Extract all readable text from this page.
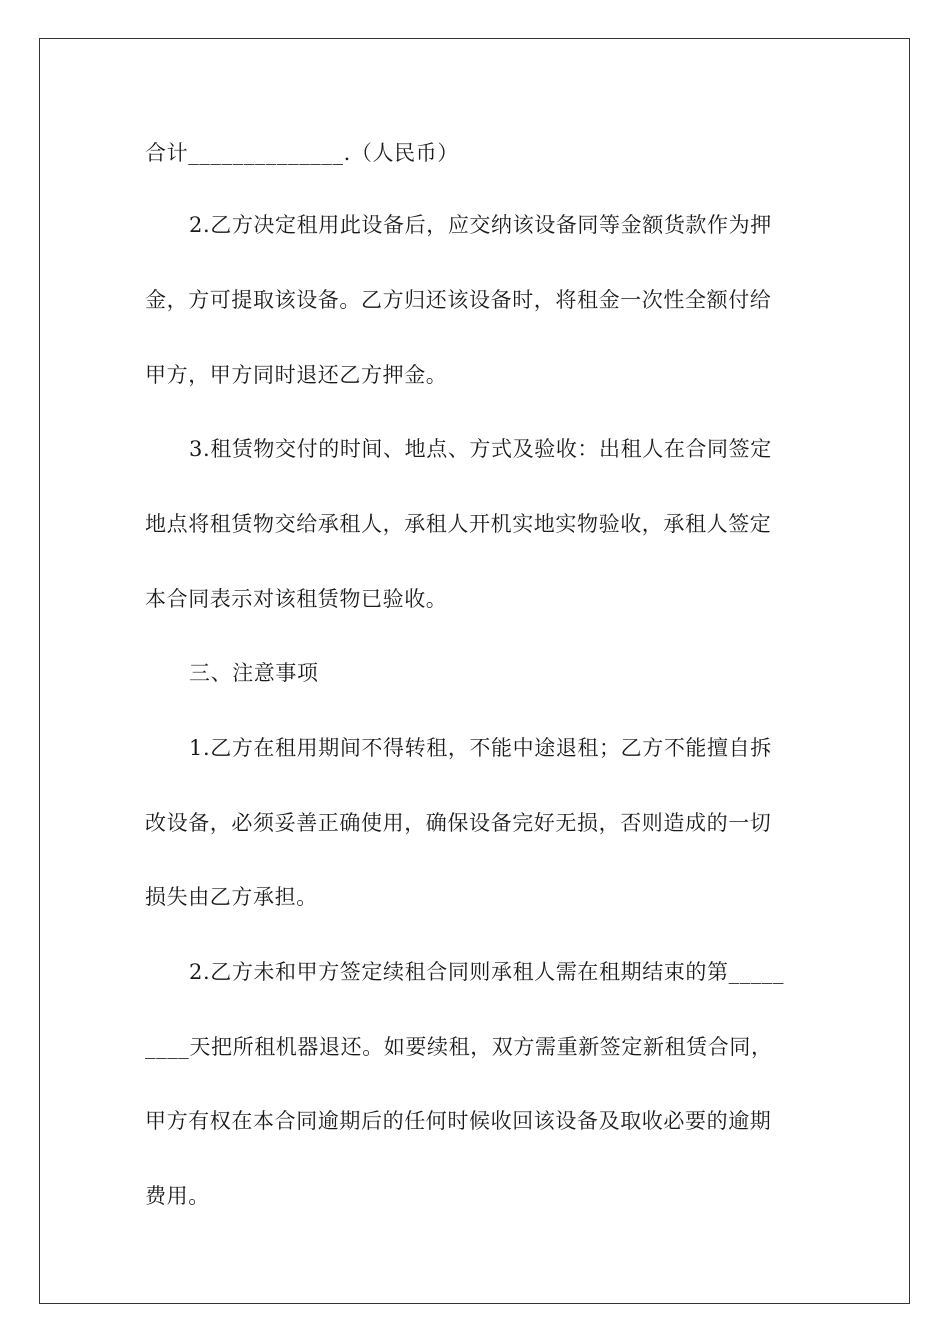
合计______________.（人民币）
2.乙方决定租用此设备后，应交纳该设备同等金额货款作为押
金，方可提取该设备。乙方归还该设备时，将租金一次性全额付给
甲方，甲方同时退还乙方押金。
3.租赁物交付的时间、地点、方式及验收：出租人在合同签定
地点将租赁物交给承租人，承租人开机实地实物验收，承租人签定
本合同表示对该租赁物已验收。
三、注意事项
1.乙方在租用期间不得转租，不能中途退租；乙方不能擅自拆
改设备，必须妥善正确使用，确保设备完好无损，否则造成的一切
损失由乙方承担。
2.乙方未和甲方签定续租合同则承租人需在租期结束的第_____
____天把所租机器退还。如要续租，双方需重新签定新租赁合同，
甲方有权在本合同逾期后的任何时候收回该设备及取收必要的逾期
费用。
